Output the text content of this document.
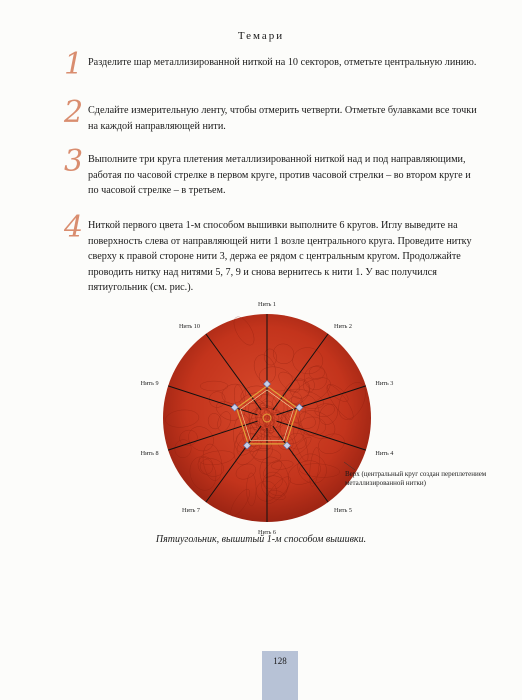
Темари
1 Разделите шар металлизированной ниткой на 10 секторов, отметьте центральную линию.
2 Сделайте измерительную ленту, чтобы отмерить четверти. Отметьте булавками все точки на каждой направляющей нити.
3 Выполните три круга плетения металлизированной ниткой над и под направляющими, работая по часовой стрелке в первом круге, против часовой стрелки – во втором круге и по часовой стрелке – в третьем.
4 Ниткой первого цвета 1-м способом вышивки выполните 6 кругов. Иглу выведите на поверхность слева от направляющей нити 1 возле центрального круга. Проведите нитку сверху к правой стороне нити 3, держа ее рядом с центральным кругом. Продолжайте проводить нитку над нитями 5, 7, 9 и снова вернитесь к нити 1. У вас получился пятиугольник (см. рис.).
Нить 1
Нить 2
Нить 3
Нить 4
Нить 5
Нить 6
Нить 7
Нить 8
Нить 9
Нить 10
Верх (центральный круг создан переплетением металлизированной нитки)
Пятиугольник, вышитый 1-м способом вышивки.
128
